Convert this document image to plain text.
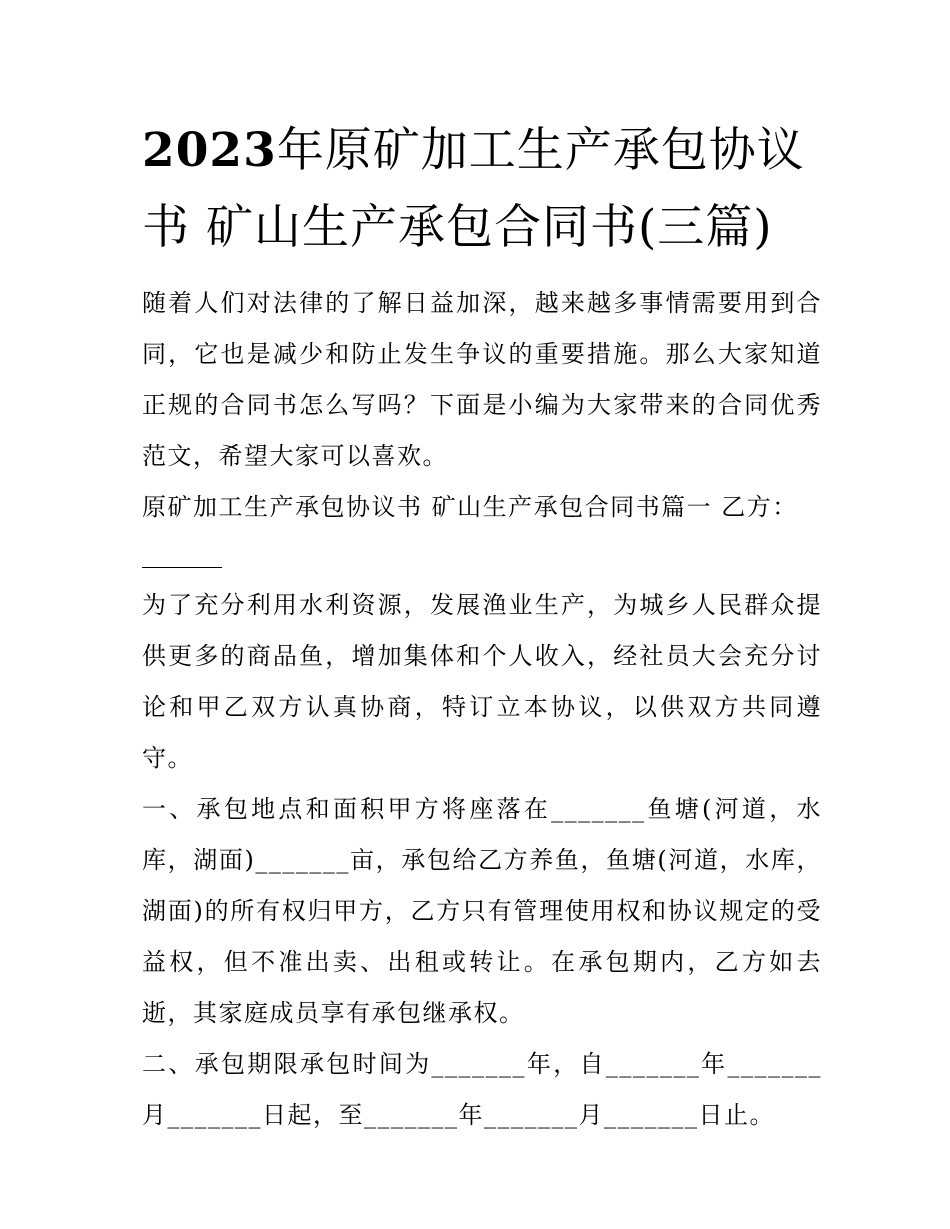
2023年原矿加工生产承包协议书 矿山生产承包合同书(三篇)

随着人们对法律的了解日益加深，越来越多事情需要用到合同，它也是减少和防止发生争议的重要措施。那么大家知道正规的合同书怎么写吗？下面是小编为大家带来的合同优秀范文，希望大家可以喜欢。

原矿加工生产承包协议书 矿山生产承包合同书篇一 乙方：

为了充分利用水利资源，发展渔业生产，为城乡人民群众提供更多的商品鱼，增加集体和个人收入，经社员大会充分讨论和甲乙双方认真协商，特订立本协议，以供双方共同遵守。

一、承包地点和面积甲方将座落在_______鱼塘(河道，水库，湖面)_______亩，承包给乙方养鱼，鱼塘(河道，水库，湖面)的所有权归甲方，乙方只有管理使用权和协议规定的受益权，但不准出卖、出租或转让。在承包期内，乙方如去逝，其家庭成员享有承包继承权。

二、承包期限承包时间为_______年，自_______年_______月_______日起，至_______年_______月_______日止。
